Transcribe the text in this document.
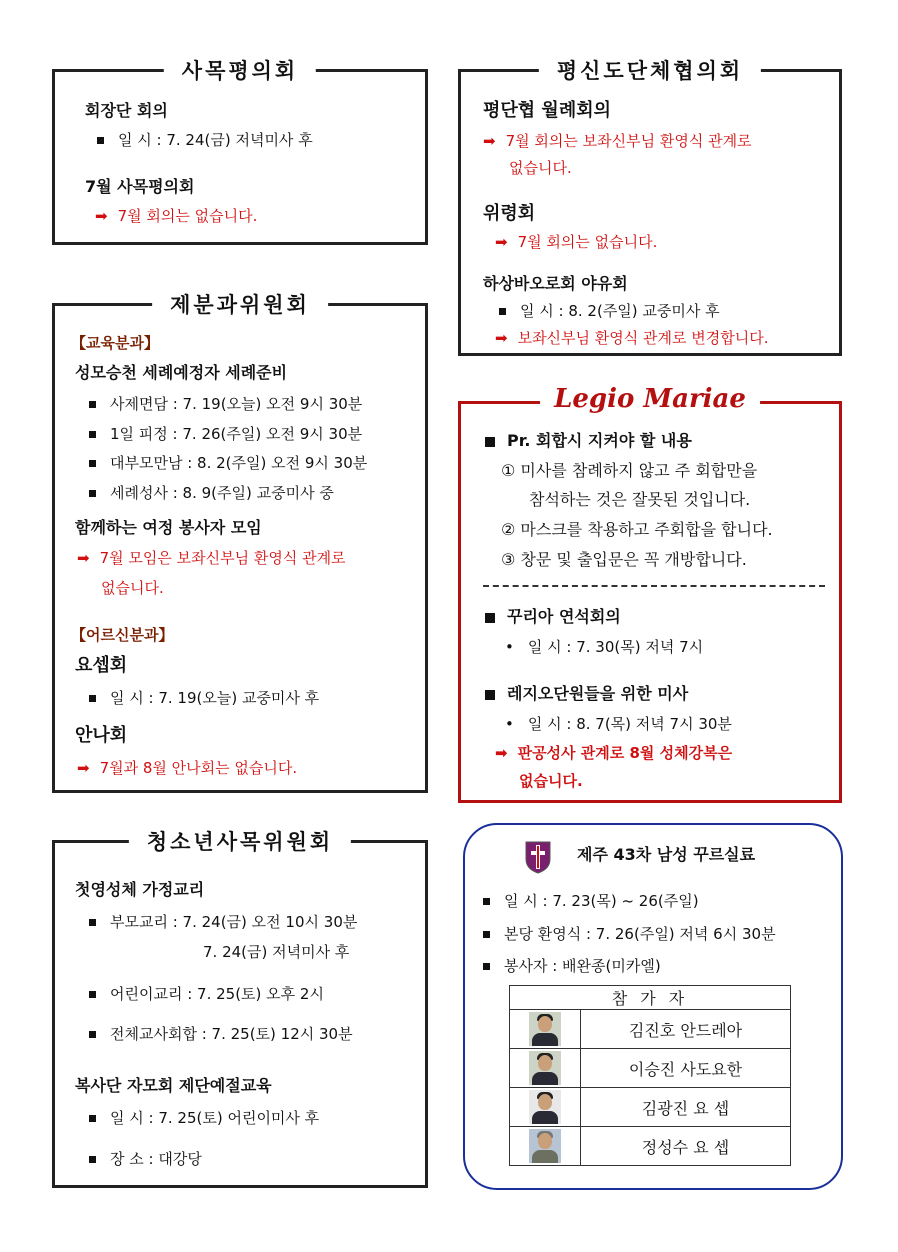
사목평의회
회장단 회의
일 시 : 7. 24(금) 저녁미사 후
7월 사목평의회
➡ 7월 회의는 없습니다.
평신도단체협의회
평단협 월례회의
➡ 7월 회의는 보좌신부님 환영식 관계로
없습니다.
위령회
➡ 7월 회의는 없습니다.
하상바오로회 야유회
일 시 : 8. 2(주일) 교중미사 후
➡ 보좌신부님 환영식 관계로 변경합니다.
제분과위원회
【교육분과】
성모승천 세례예정자 세례준비
사제면담 : 7. 19(오늘) 오전 9시 30분
1일 피정 : 7. 26(주일) 오전 9시 30분
대부모만남 : 8. 2(주일) 오전 9시 30분
세례성사 : 8. 9(주일) 교중미사 중
함께하는 여정 봉사자 모임
➡ 7월 모임은 보좌신부님 환영식 관계로
없습니다.
【어르신분과】
요셉회
일 시 : 7. 19(오늘) 교중미사 후
안나회
➡ 7월과 8월 안나회는 없습니다.
Legio Mariae
Pr. 회합시 지켜야 할 내용
① 미사를 참례하지 않고 주 회합만을
참석하는 것은 잘못된 것입니다.
② 마스크를 착용하고 주회합을 합니다.
③ 창문 및 출입문은 꼭 개방합니다.
꾸리아 연석회의
• 일 시 : 7. 30(목) 저녁 7시
레지오단원들을 위한 미사
• 일 시 : 8. 7(목) 저녁 7시 30분
➡ 판공성사 관계로 8월 성체강복은
없습니다.
청소년사목위원회
첫영성체 가정교리
부모교리 : 7. 24(금) 오전 10시 30분
7. 24(금) 저녁미사 후
어린이교리 : 7. 25(토) 오후 2시
전체교사회합 : 7. 25(토) 12시 30분
복사단 자모회 제단예절교육
일 시 : 7. 25(토) 어린이미사 후
장 소 : 대강당
제주 43차 남성 꾸르실료
일 시 : 7. 23(목) ~ 26(주일)
본당 환영식 : 7. 26(주일) 저녁 6시 30분
봉사자 : 배완종(미카엘)
참 가 자	

	김진호 안드레아

	이승진 사도요한

	김광진 요 셉

	정성수 요 셉
